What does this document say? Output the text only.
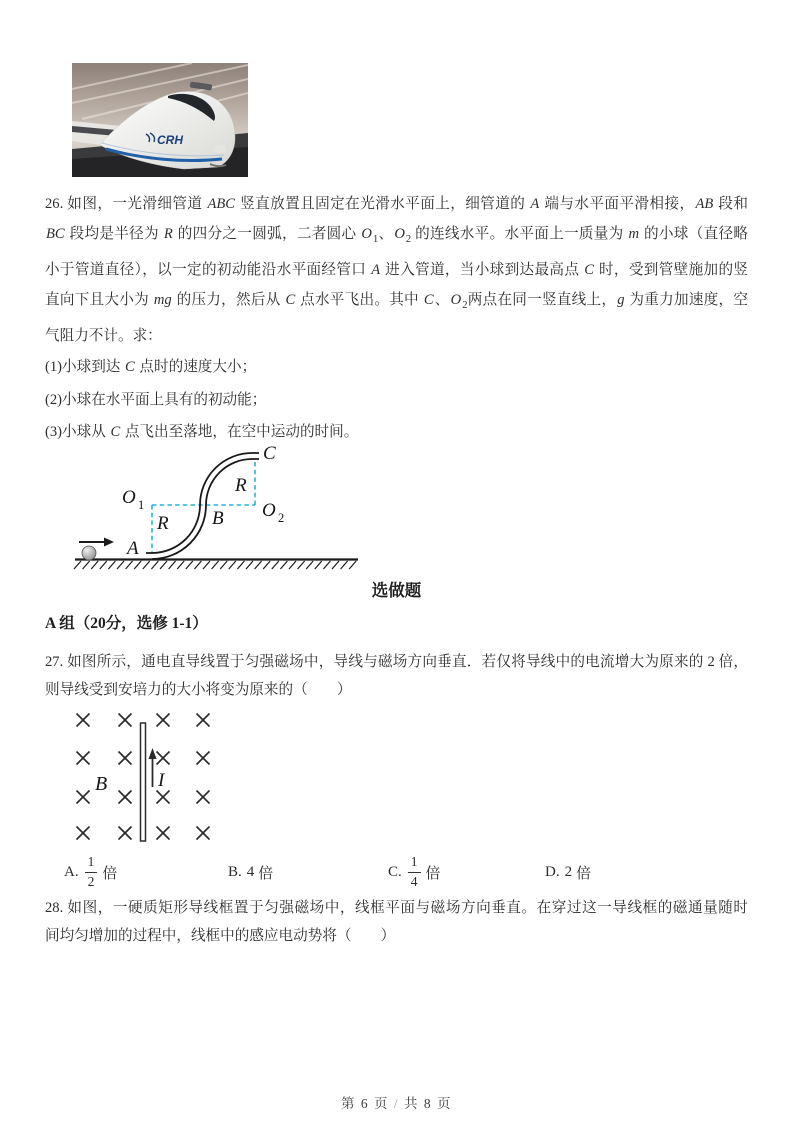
CRH
26. 如图，一光滑细管道 ABC 竖直放置且固定在光滑水平面上，细管道的 A 端与水平面平滑相接，AB 段和
BC 段均是半径为 R 的四分之一圆弧，二者圆心 $O_1$、$O_2$ 的连线水平。水平面上一质量为 m 的小球（直径略
小于管道直径），以一定的初动能沿水平面经管口 A 进入管道，当小球到达最高点 C 时，受到管壁施加的竖
直向下且大小为 mg 的压力，然后从 C 点水平飞出。其中 C、$O_2$两点在同一竖直线上，g 为重力加速度，空
气阻力不计。求：
(1)小球到达 C 点时的速度大小；
(2)小球在水平面上具有的初动能；
(3)小球从 C 点飞出至落地，在空中运动的时间。
O 1
R
A
B
R
O 2
C
选做题
A 组（20分，选修 1-1）
27. 如图所示，通电直导线置于匀强磁场中，导线与磁场方向垂直．若仅将导线中的电流增大为原来的 2 倍，
则导线受到安培力的大小将变为原来的（　　）
B	I
A. $\frac{1}{2}$ 倍	B. 4 倍	C. $\frac{1}{4}$ 倍	D. 2 倍
28. 如图，一硬质矩形导线框置于匀强磁场中，线框平面与磁场方向垂直。在穿过这一导线框的磁通量随时
间均匀增加的过程中，线框中的感应电动势将（　　）
第 6 页 / 共 8 页
